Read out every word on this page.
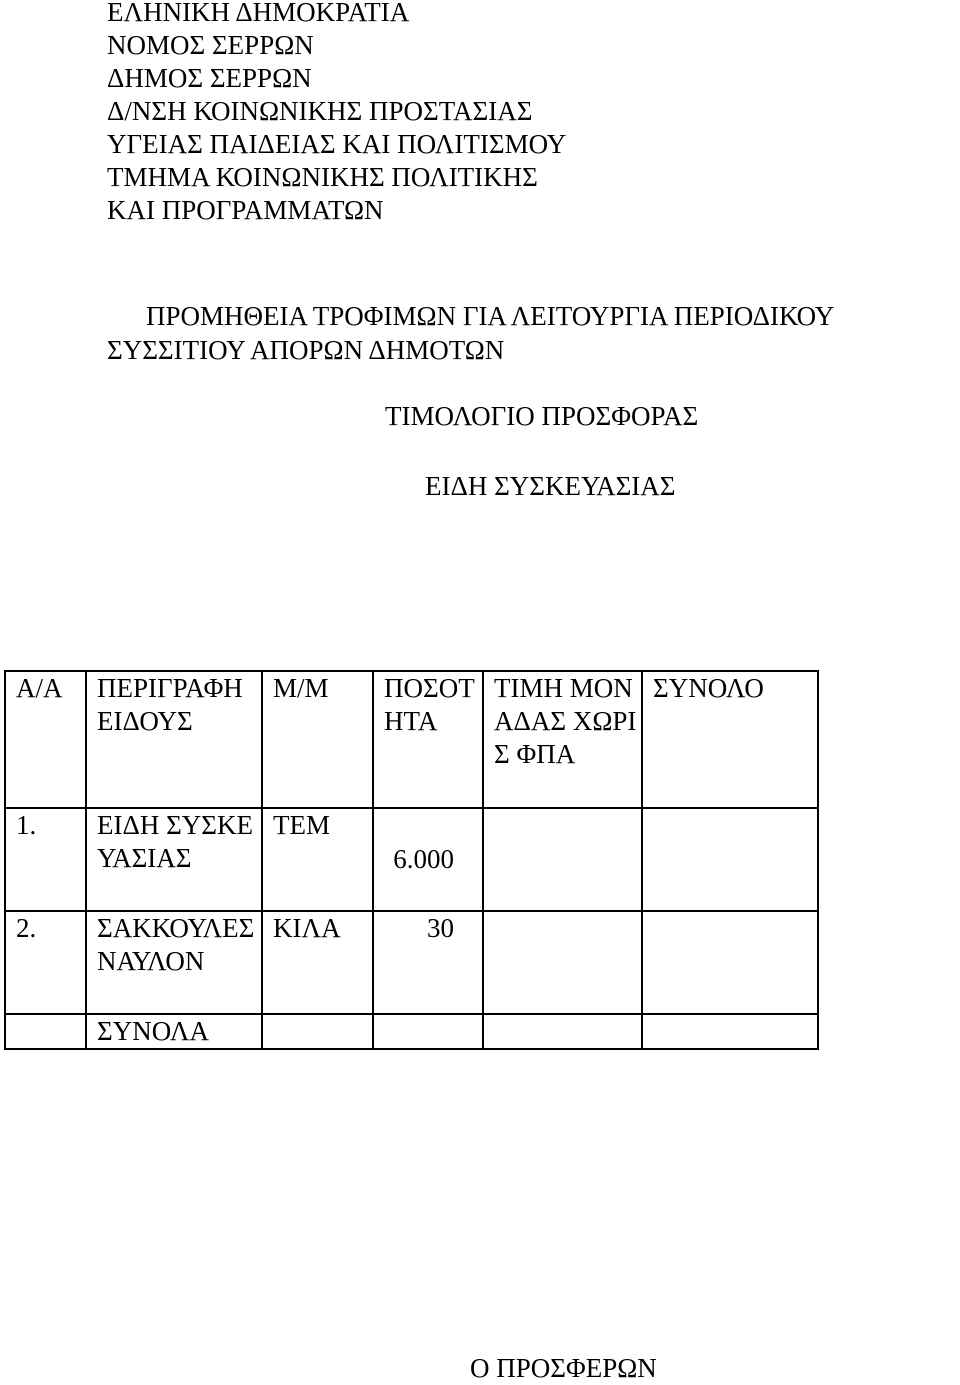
ΕΛΗΝΙΚΗ ΔΗΜΟΚΡΑΤΙΑ
ΝΟΜΟΣ ΣΕΡΡΩΝ
ΔΗΜΟΣ ΣΕΡΡΩΝ
Δ/ΝΣΗ ΚΟΙΝΩΝΙΚΗΣ ΠΡΟΣΤΑΣΙΑΣ
ΥΓΕΙΑΣ ΠΑΙΔΕΙΑΣ ΚΑΙ ΠΟΛΙΤΙΣΜΟΥ
ΤΜΗΜΑ ΚΟΙΝΩΝΙΚΗΣ ΠΟΛΙΤΙΚΗΣ
ΚΑΙ ΠΡΟΓΡΑΜΜΑΤΩΝ
ΠΡΟΜΗΘΕΙΑ ΤΡΟΦΙΜΩΝ ΓΙΑ ΛΕΙΤΟΥΡΓΙΑ ΠΕΡΙΟΔΙΚΟΥ
ΣΥΣΣΙΤΙΟΥ ΑΠΟΡΩΝ ΔΗΜΟΤΩΝ
ΤΙΜΟΛΟΓΙΟ ΠΡΟΣΦΟΡΑΣ
ΕΙΔΗ ΣΥΣΚΕΥΑΣΙΑΣ
Α/Α	ΠΕΡΙΓΡΑΦΗ ΕΙΔΟΥΣ	Μ/Μ	ΠΟΣΟΤΗΤΑ	ΤΙΜΗ ΜΟΝΑΔΑΣ ΧΩΡΙΣ ΦΠΑ	ΣΥΝΟΛΟ
1.	ΕΙΔΗ ΣΥΣΚΕΥΑΣΙΑΣ	ΤΕΜ	6.000		
2.	ΣΑΚΚΟΥΛΕΣ ΝΑΥΛΟΝ	ΚΙΛΑ	30		
	ΣΥΝΟΛΑ				
Ο ΠΡΟΣΦΕΡΩΝ
